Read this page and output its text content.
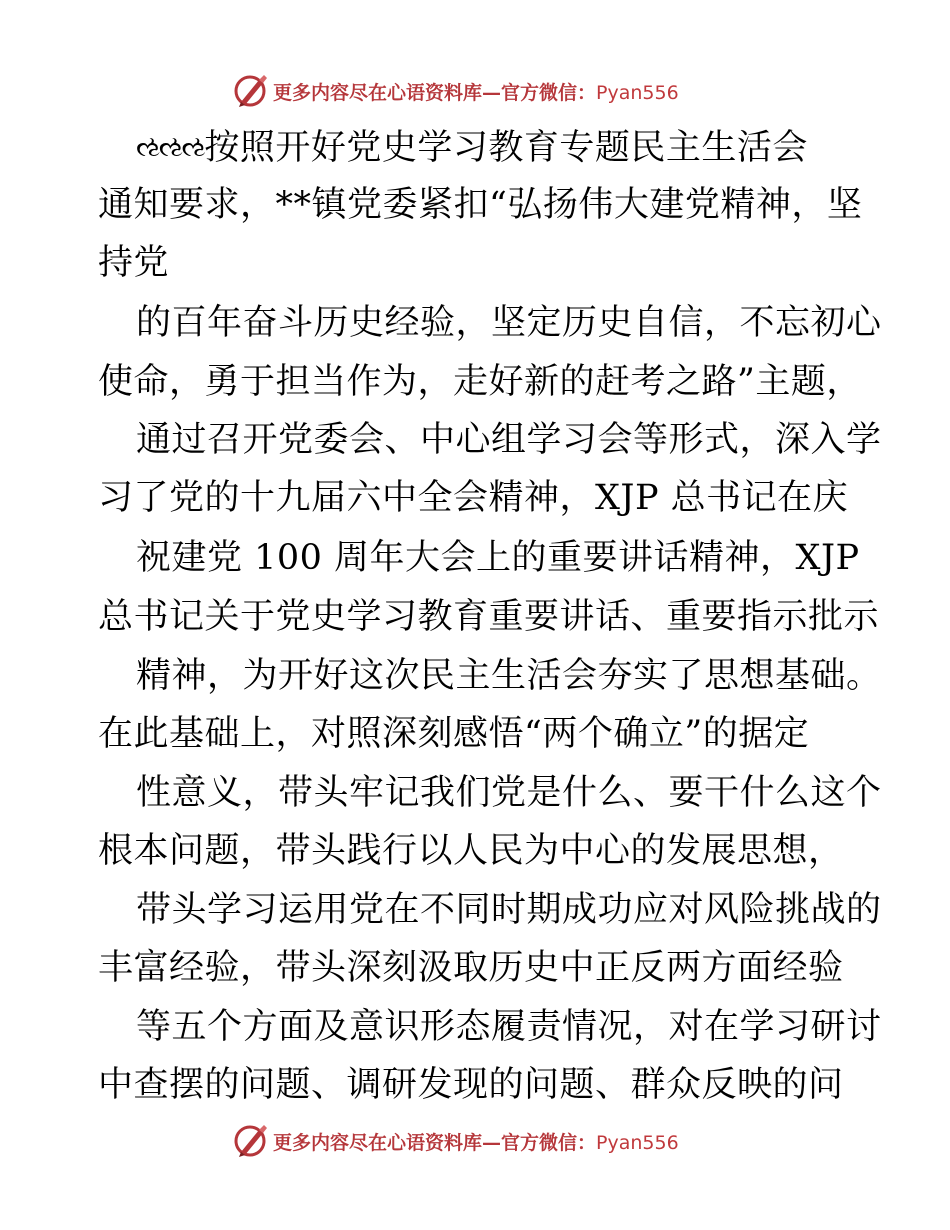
更多内容尽在心语资料库—官方微信：Pyan556
ઌઌઌ按照开好党史学习教育专题民主生活会
通知要求，**镇党委紧扣“弘扬伟大建党精神，坚
持党
的百年奋斗历史经验，坚定历史自信，不忘初心
使命，勇于担当作为，走好新的赶考之路”主题，
通过召开党委会、中心组学习会等形式，深入学
习了党的十九届六中全会精神，XJP 总书记在庆
祝建党 100 周年大会上的重要讲话精神，XJP
总书记关于党史学习教育重要讲话、重要指示批示
精神，为开好这次民主生活会夯实了思想基础。
在此基础上，对照深刻感悟“两个确立”的据定
性意义，带头牢记我们党是什么、要干什么这个
根本问题，带头践行以人民为中心的发展思想，
带头学习运用党在不同时期成功应对风险挑战的
丰富经验，带头深刻汲取历史中正反两方面经验
等五个方面及意识形态履责情况，对在学习研讨
中查摆的问题、调研发现的问题、群众反映的问
更多内容尽在心语资料库—官方微信：Pyan556
